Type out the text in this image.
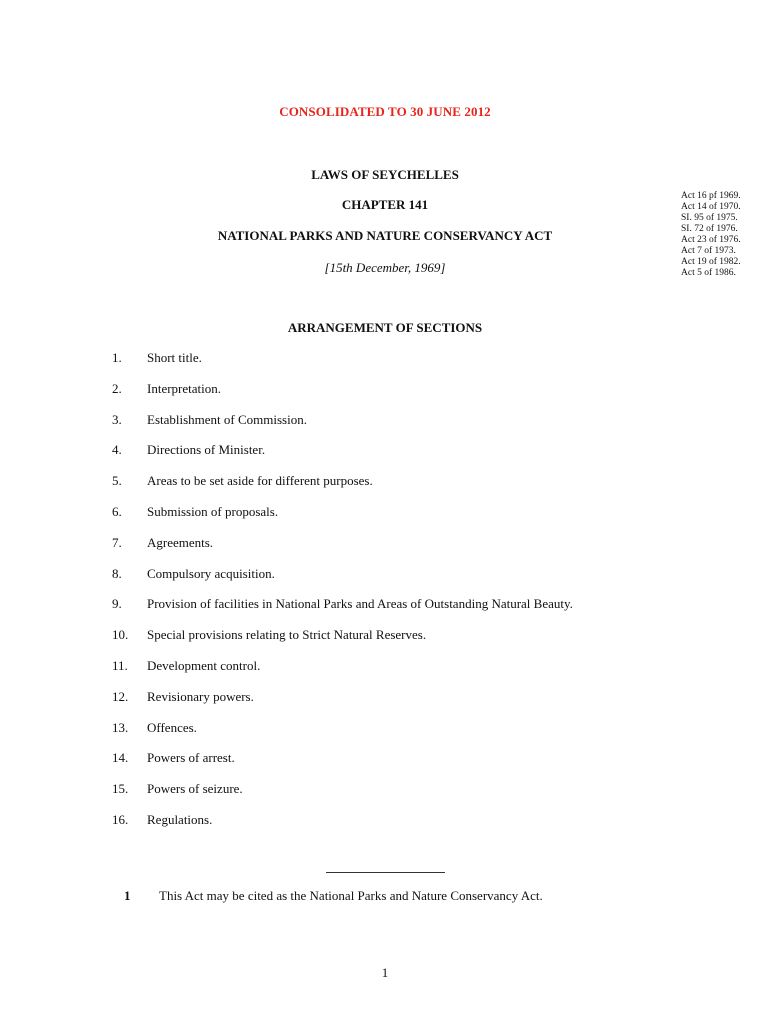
CONSOLIDATED TO 30 JUNE 2012
LAWS OF SEYCHELLES
CHAPTER 141
NATIONAL PARKS AND NATURE CONSERVANCY ACT
[15th December, 1969]
Act 16 pf 1969.
Act 14 of 1970.
SI. 95 of 1975.
SI. 72 of 1976.
Act 23 of 1976.
Act 7 of 1973.
Act 19 of 1982.
Act 5 of 1986.
ARRANGEMENT OF SECTIONS
1. Short title.
2. Interpretation.
3. Establishment of Commission.
4. Directions of Minister.
5. Areas to be set aside for different purposes.
6. Submission of proposals.
7. Agreements.
8. Compulsory acquisition.
9. Provision of facilities in National Parks and Areas of Outstanding Natural Beauty.
10. Special provisions relating to Strict Natural Reserves.
11. Development control.
12. Revisionary powers.
13. Offences.
14. Powers of arrest.
15. Powers of seizure.
16. Regulations.
1 This Act may be cited as the National Parks and Nature Conservancy Act.
1
